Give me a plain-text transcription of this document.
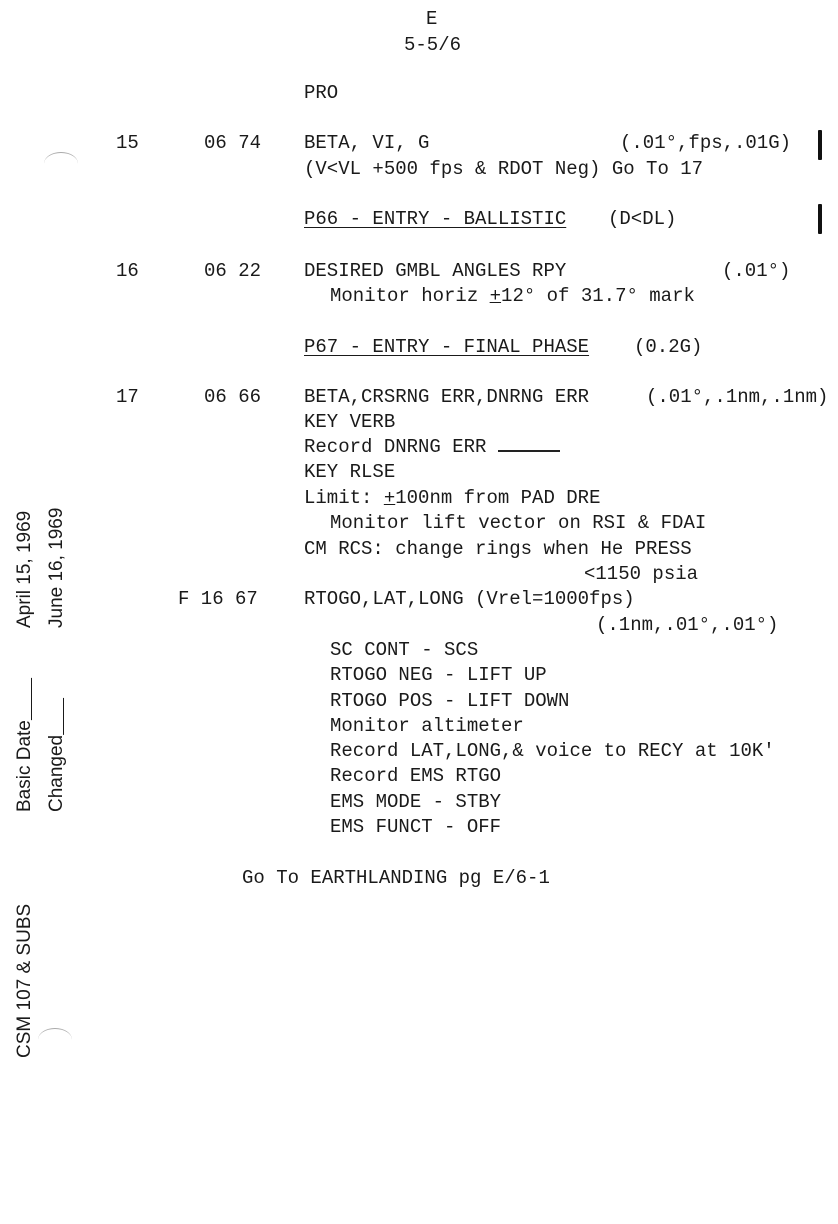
E
5-5/6
PRO
15	06 74 BETA, VI, G	(.01°,fps,.01G)
(V<VL +500 fps & RDOT Neg) Go To 17
P66 - ENTRY - BALLISTIC (D<DL)
16	06 22 DESIRED GMBL ANGLES RPY	(.01°)
Monitor horiz +12° of 31.7° mark
P67 - ENTRY - FINAL PHASE (0.2G)
17	06 66 BETA,CRSRNG ERR,DNRNG ERR	(.01°,.1nm,.1nm)
KEY VERB
Record DNRNG ERR
KEY RLSE
Limit: +100nm from PAD DRE
Monitor lift vector on RSI & FDAI
CM RCS: change rings when He PRESS
<1150 psia
F 16 67 RTOGO,LAT,LONG (Vrel=1000fps)
(.1nm,.01°,.01°)
SC CONT - SCS
RTOGO NEG - LIFT UP
RTOGO POS - LIFT DOWN
Monitor altimeter
Record LAT,LONG,& voice to RECY at 10K'
Record EMS RTGO
EMS MODE - STBY
EMS FUNCT - OFF
Go To EARTHLANDING pg E/6-1
Basic Date
April 15, 1969
Changed
June 16, 1969
CSM 107 & SUBS
